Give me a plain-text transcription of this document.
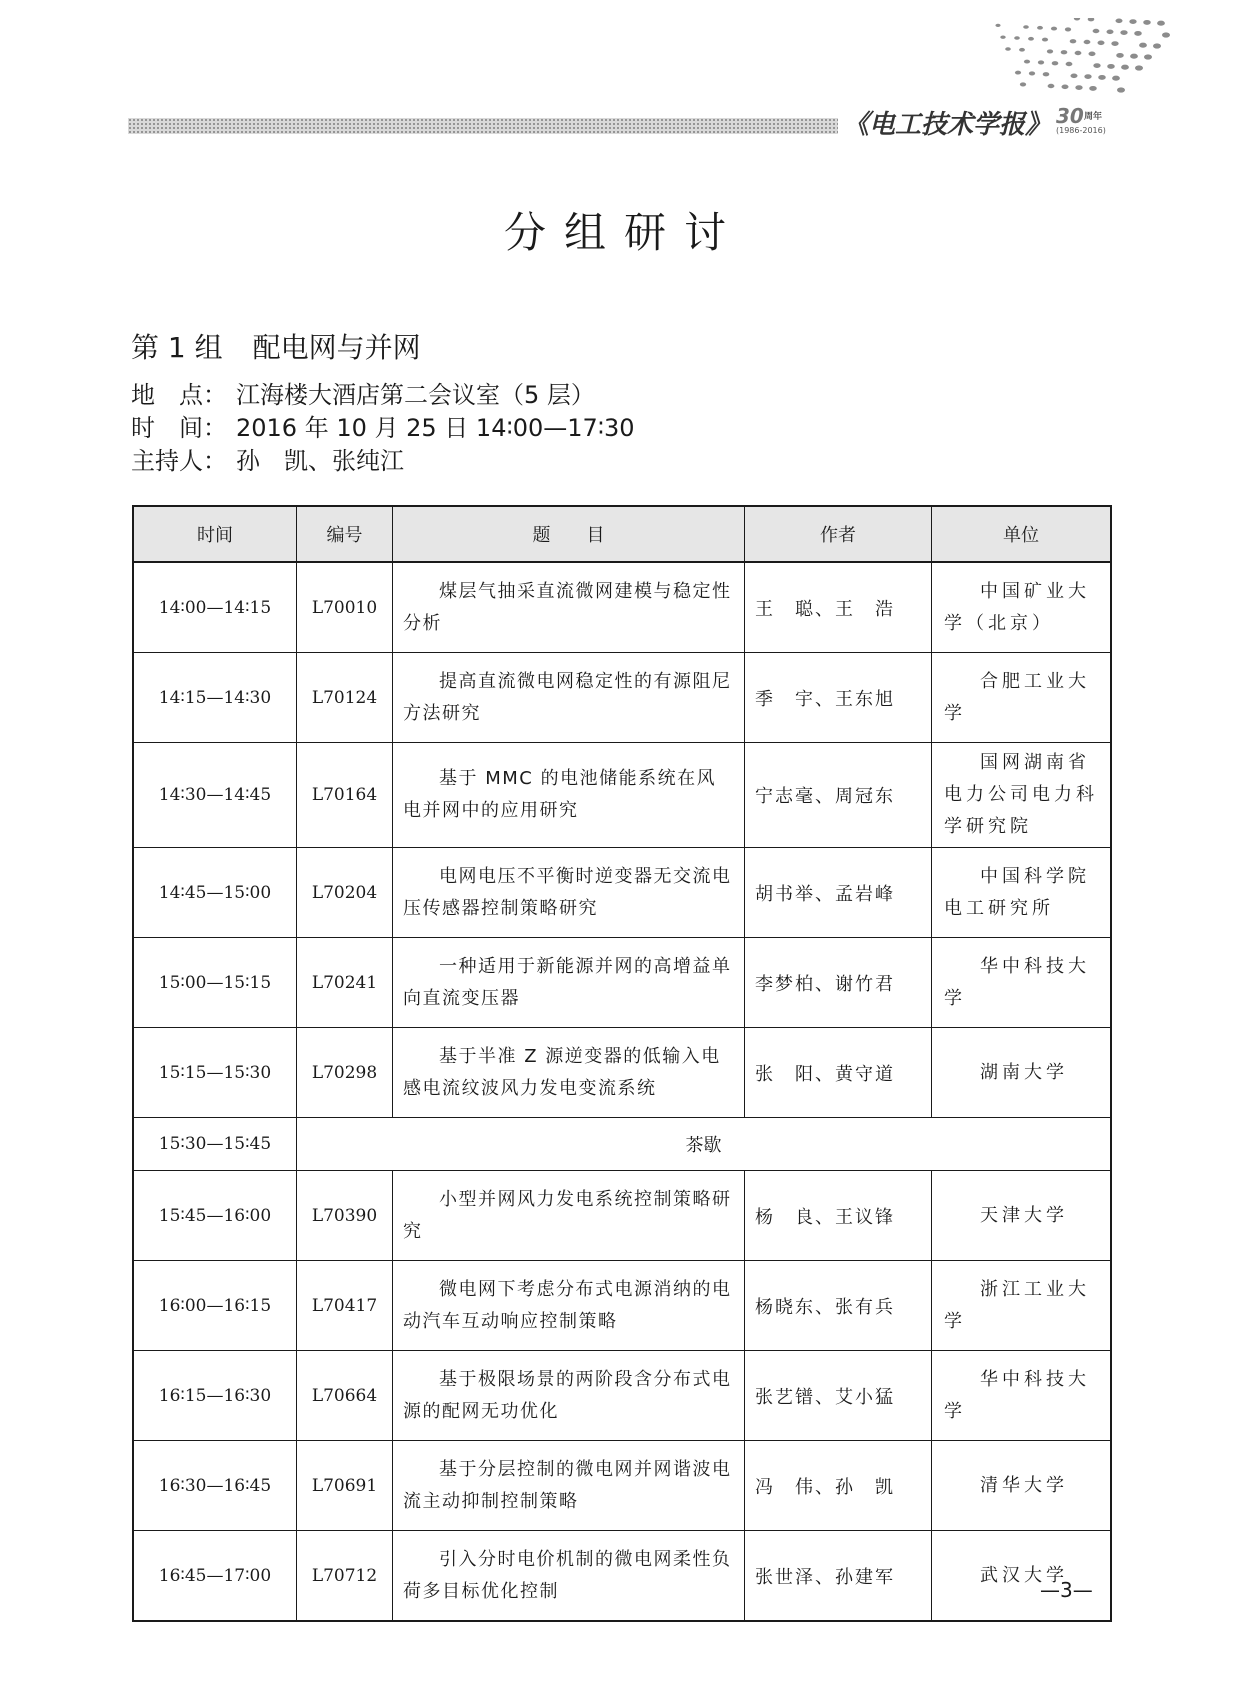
《电工技术学报》 30 周年
(1986-2016)
分组研讨
第 1 组 配电网与并网
地　点： 江海楼大酒店第二会议室（5 层）
时　间： 2016 年 10 月 25 日 14∶00—17∶30
主持人： 孙　凯、张纯江
时间	编号	题　　目	作者	单位
14∶00—14∶15	L70010	煤层气抽采直流微网建模与稳定性分析	王　聪、王　浩	中国矿业大学（北京）
14∶15—14∶30	L70124	提高直流微电网稳定性的有源阻尼方法研究	季　宇、王东旭	合肥工业大学
14∶30—14∶45	L70164	基于 MMC 的电池储能系统在风电并网中的应用研究	宁志毫、周冠东	国网湖南省电力公司电力科学研究院
14∶45—15∶00	L70204	电网电压不平衡时逆变器无交流电压传感器控制策略研究	胡书举、孟岩峰	中国科学院电工研究所
15∶00—15∶15	L70241	一种适用于新能源并网的高增益单向直流变压器	李梦柏、谢竹君	华中科技大学
15∶15—15∶30	L70298	基于半准 Z 源逆变器的低输入电感电流纹波风力发电变流系统	张　阳、黄守道	湖南大学
15∶30—15∶45	茶歇			
15∶45—16∶00	L70390	小型并网风力发电系统控制策略研究	杨　良、王议锋	天津大学
16∶00—16∶15	L70417	微电网下考虑分布式电源消纳的电动汽车互动响应控制策略	杨晓东、张有兵	浙江工业大学
16∶15—16∶30	L70664	基于极限场景的两阶段含分布式电源的配网无功优化	张艺镨、艾小猛	华中科技大学
16∶30—16∶45	L70691	基于分层控制的微电网并网谐波电流主动抑制控制策略	冯　伟、孙　凯	清华大学
16∶45—17∶00	L70712	引入分时电价机制的微电网柔性负荷多目标优化控制	张世泽、孙建军	武汉大学
—3—
